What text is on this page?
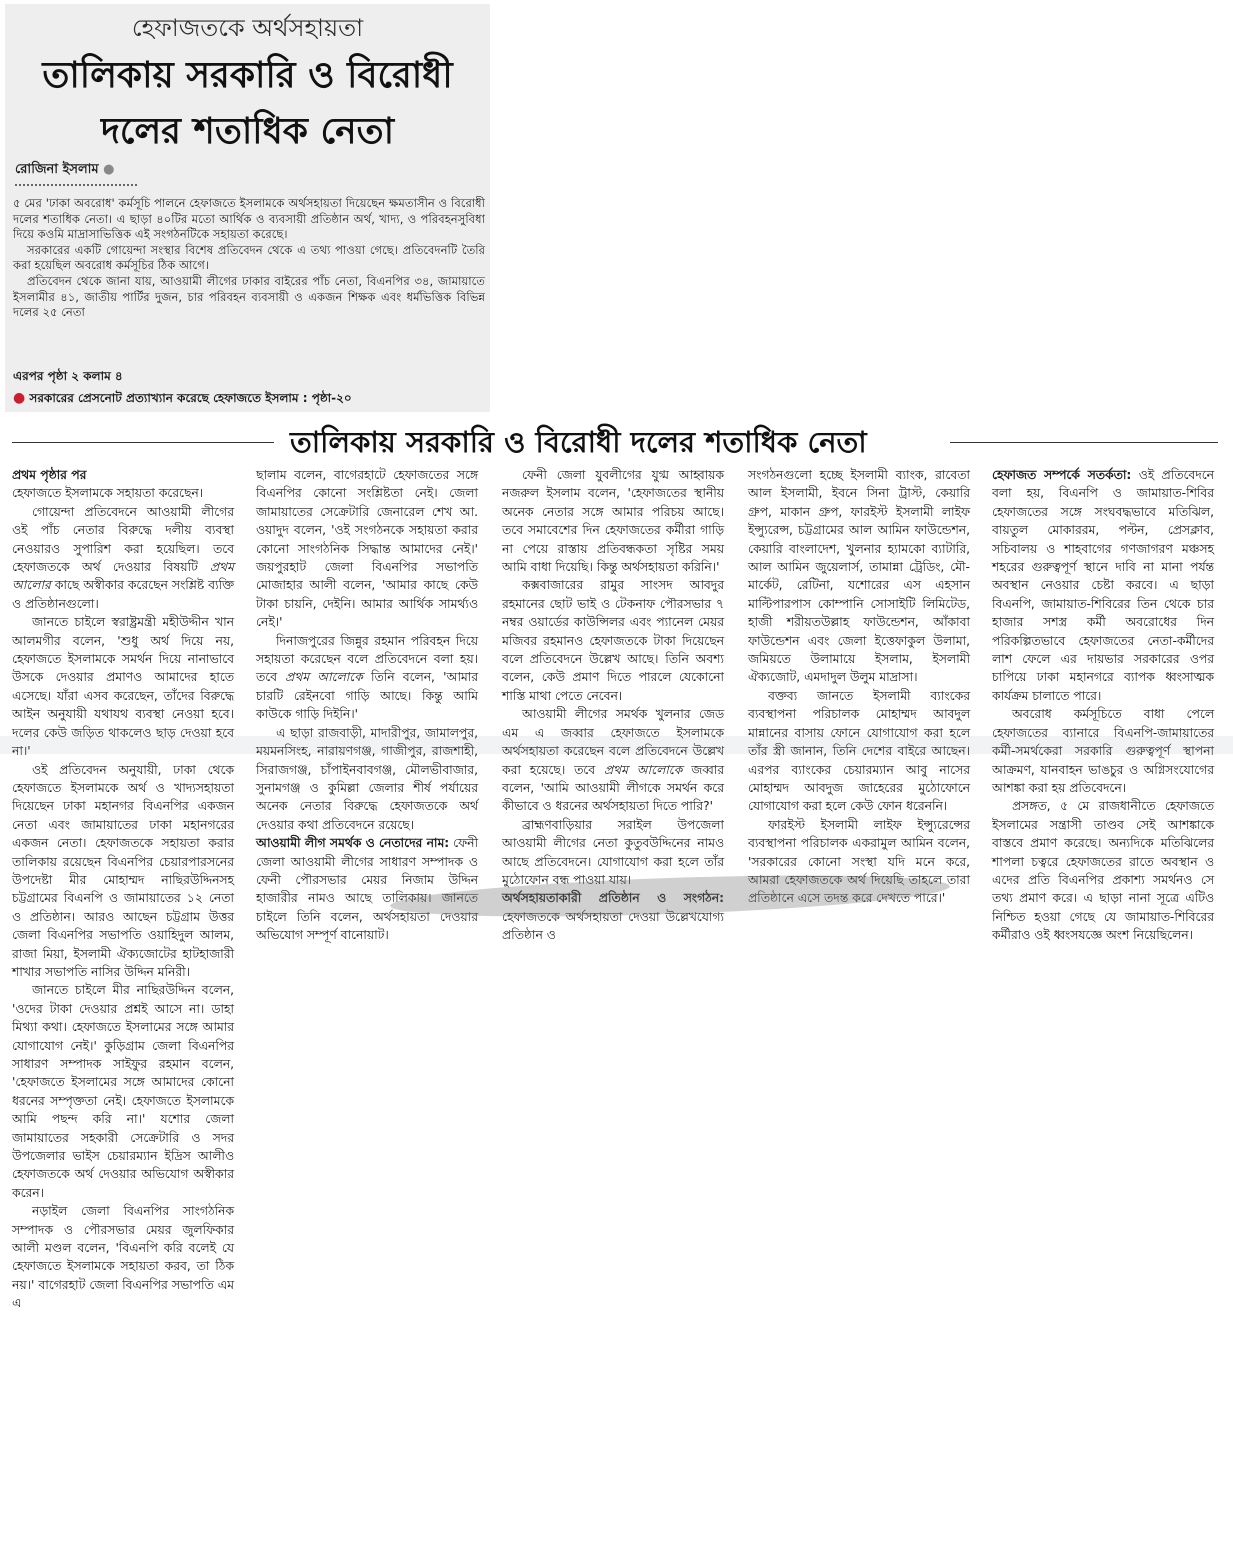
হেফাজতকে অর্থসহায়তা
তালিকায় সরকারি ও বিরোধী
দলের শতাধিক নেতা
রোজিনা ইসলাম ●

৫ মের 'ঢাকা অবরোধ' কর্মসূচি পালনে হেফাজতে ইসলামকে অর্থসহায়তা দিয়েছেন ক্ষমতাসীন ও বিরোধী দলের শতাধিক নেতা। এ ছাড়া ৪০টির মতো আর্থিক ও ব্যবসায়ী প্রতিষ্ঠান অর্থ, খাদ্য, ও পরিবহনসুবিধা দিয়ে কওমি মাদ্রাসাভিত্তিক এই সংগঠনটিকে সহায়তা করেছে।

সরকারের একটি গোয়েন্দা সংস্থার বিশেষ প্রতিবেদন থেকে এ তথ্য পাওয়া গেছে। প্রতিবেদনটি তৈরি করা হয়েছিল অবরোধ কর্মসূচির ঠিক আগে।

প্রতিবেদন থেকে জানা যায়, আওয়ামী লীগের ঢাকার বাইরের পাঁচ নেতা, বিএনপির ৩৪, জামায়াতে ইসলামীর ৪১, জাতীয় পার্টির দুজন, চার পরিবহন ব্যবসায়ী ও একজন শিক্ষক এবং ধর্মভিত্তিক বিভিন্ন দলের ২৫ নেতা

এরপর পৃষ্ঠা ২ কলাম ৪
● সরকারের প্রেসনোট প্রত্যাখ্যান করেছে হেফাজতে ইসলাম : পৃষ্ঠা-২০
তালিকায় সরকারি ও বিরোধী দলের শতাধিক নেতা

প্রথম পৃষ্ঠার পর

হেফাজতে ইসলামকে সহায়তা করেছেন।

গোয়েন্দা প্রতিবেদনে আওয়ামী লীগের ওই পাঁচ নেতার বিরুদ্ধে দলীয় ব্যবস্থা নেওয়ারও সুপারিশ করা হয়েছিল। তবে হেফাজতকে অর্থ দেওয়ার বিষয়টি প্রথম আলোর কাছে অস্বীকার করেছেন সংশ্লিষ্ট ব্যক্তি ও প্রতিষ্ঠানগুলো।

জানতে চাইলে স্বরাষ্ট্রমন্ত্রী মহীউদ্দীন খান আলমগীর বলেন, 'শুধু অর্থ দিয়ে নয়, হেফাজতে ইসলামকে সমর্থন দিয়ে নানাভাবে উসকে দেওয়ার প্রমাণও আমাদের হাতে এসেছে। যাঁরা এসব করেছেন, তাঁদের বিরুদ্ধে আইন অনুযায়ী যথাযথ ব্যবস্থা নেওয়া হবে। দলের কেউ জড়িত থাকলেও ছাড় দেওয়া হবে না।'

ওই প্রতিবেদন অনুযায়ী, ঢাকা থেকে হেফাজতে ইসলামকে অর্থ ও খাদ্যসহায়তা দিয়েছেন ঢাকা মহানগর বিএনপির একজন নেতা এবং জামায়াতের ঢাকা মহানগরের একজন নেতা। হেফাজতকে সহায়তা করার তালিকায় রয়েছেন বিএনপির চেয়ারপারসনের উপদেষ্টা মীর মোহাম্মদ নাছিরউদ্দিনসহ চট্টগ্রামের বিএনপি ও জামায়াতের ১২ নেতা ও প্রতিষ্ঠান। আরও আছেন চট্টগ্রাম উত্তর জেলা বিএনপির সভাপতি ওয়াহিদুল আলম, রাজা মিয়া, ইসলামী ঐক্যজোটের হাটহাজারী শাখার সভাপতি নাসির উদ্দিন মনিরী।

জানতে চাইলে মীর নাছিরউদ্দিন বলেন, 'ওদের টাকা দেওয়ার প্রশ্নই আসে না। ডাহা মিথ্যা কথা। হেফাজতে ইসলামের সঙ্গে আমার যোগাযোগ নেই।' কুড়িগ্রাম জেলা বিএনপির সাধারণ সম্পাদক সাইফুর রহমান বলেন, 'হেফাজতে ইসলামের সঙ্গে আমাদের কোনো ধরনের সম্পৃক্ততা নেই। হেফাজতে ইসলামকে আমি পছন্দ করি না।' যশোর জেলা জামায়াতের সহকারী সেক্রেটারি ও সদর উপজেলার ভাইস চেয়ারম্যান ইদ্রিস আলীও হেফাজতকে অর্থ দেওয়ার অভিযোগ অস্বীকার করেন।

নড়াইল জেলা বিএনপির সাংগঠনিক সম্পাদক ও পৌরসভার মেয়র জুলফিকার আলী মণ্ডল বলেন, 'বিএনপি করি বলেই যে হেফাজতে ইসলামকে সহায়তা করব, তা ঠিক নয়।' বাগেরহাট জেলা বিএনপির সভাপতি এম এ

ছালাম বলেন, বাগেরহাটে হেফাজতের সঙ্গে বিএনপির কোনো সংশ্লিষ্টতা নেই। জেলা জামায়াতের সেক্রেটারি জেনারেল শেখ আ. ওয়াদুদ বলেন, 'ওই সংগঠনকে সহায়তা করার কোনো সাংগঠনিক সিদ্ধান্ত আমাদের নেই।' জয়পুরহাট জেলা বিএনপির সভাপতি মোজাহার আলী বলেন, 'আমার কাছে কেউ টাকা চায়নি, দেইনি। আমার আর্থিক সামর্থ্যও নেই।'

দিনাজপুরের জিন্নুর রহমান পরিবহন দিয়ে সহায়তা করেছেন বলে প্রতিবেদনে বলা হয়। তবে প্রথম আলোকে তিনি বলেন, 'আমার চারটি রেইনবো গাড়ি আছে। কিন্তু আমি কাউকে গাড়ি দিইনি।'

এ ছাড়া রাজবাড়ী, মাদারীপুর, জামালপুর, ময়মনসিংহ, নারায়ণগঞ্জ, গাজীপুর, রাজশাহী, সিরাজগঞ্জ, চাঁপাইনবাবগঞ্জ, মৌলভীবাজার, সুনামগঞ্জ ও কুমিল্লা জেলার শীর্ষ পর্যায়ের অনেক নেতার বিরুদ্ধে হেফাজতকে অর্থ দেওয়ার কথা প্রতিবেদনে রয়েছে।

আওয়ামী লীগ সমর্থক ও নেতাদের নাম: ফেনী জেলা আওয়ামী লীগের সাধারণ সম্পাদক ও ফেনী পৌরসভার মেয়র নিজাম উদ্দিন হাজারীর নামও আছে তালিকায়। জানতে চাইলে তিনি বলেন, অর্থসহায়তা দেওয়ার অভিযোগ সম্পূর্ণ বানোয়াট।

ফেনী জেলা যুবলীগের যুগ্ম আহ্বায়ক নজরুল ইসলাম বলেন, 'হেফাজতের স্থানীয় অনেক নেতার সঙ্গে আমার পরিচয় আছে। তবে সমাবেশের দিন হেফাজতের কর্মীরা গাড়ি না পেয়ে রাস্তায় প্রতিবন্ধকতা সৃষ্টির সময় আমি বাধা দিয়েছি। কিন্তু অর্থসহায়তা করিনি।'

কক্সবাজারের রামুর সাংসদ আবদুর রহমানের ছোট ভাই ও টেকনাফ পৌরসভার ৭ নম্বর ওয়ার্ডের কাউন্সিলর এবং প্যানেল মেয়র মজিবর রহমানও হেফাজতকে টাকা দিয়েছেন বলে প্রতিবেদনে উল্লেখ আছে। তিনি অবশ্য বলেন, কেউ প্রমাণ দিতে পারলে যেকোনো শাস্তি মাথা পেতে নেবেন।

আওয়ামী লীগের সমর্থক খুলনার জেড এম এ জব্বার হেফাজতে ইসলামকে অর্থসহায়তা করেছেন বলে প্রতিবেদনে উল্লেখ করা হয়েছে। তবে প্রথম আলোকে জব্বার বলেন, 'আমি আওয়ামী লীগকে সমর্থন করে কীভাবে ও ধরনের অর্থসহায়তা দিতে পারি?'

ব্রাহ্মণবাড়িয়ার সরাইল উপজেলা আওয়ামী লীগের নেতা কুতুবউদ্দিনের নামও আছে প্রতিবেদনে। যোগাযোগ করা হলে তাঁর মুঠোফোন বন্ধ পাওয়া যায়।

অর্থসহায়তাকারী প্রতিষ্ঠান ও সংগঠন: হেফাজতকে অর্থসহায়তা দেওয়া উল্লেখযোগ্য প্রতিষ্ঠান ও

সংগঠনগুলো হচ্ছে ইসলামী ব্যাংক, রাবেতা আল ইসলামী, ইবনে সিনা ট্রাস্ট, কেয়ারি গ্রুপ, মাকান গ্রুপ, ফারইস্ট ইসলামী লাইফ ইন্স্যুরেন্স, চট্টগ্রামের আল আমিন ফাউন্ডেশন, কেয়ারি বাংলাদেশ, খুলনার হ্যামকো ব্যাটারি, আল আমিন জুয়েলার্স, তামান্না ট্রেডিং, মৌ-মার্কেট, রেটিনা, যশোরের এস এহসান মাল্টিপারপাস কোম্পানি সোসাইটি লিমিটেড, হাজী শরীয়তউল্লাহ ফাউন্ডেশন, আঁকাবা ফাউন্ডেশন এবং জেলা ইত্তেফাকুল উলামা, জমিয়তে উলামায়ে ইসলাম, ইসলামী ঐক্যজোট, এমদাদুল উলুম মাদ্রাসা।

বক্তব্য জানতে ইসলামী ব্যাংকের ব্যবস্থাপনা পরিচালক মোহাম্মদ আবদুল মান্নানের বাসায় ফোনে যোগাযোগ করা হলে তাঁর স্ত্রী জানান, তিনি দেশের বাইরে আছেন। এরপর ব্যাংকের চেয়ারম্যান আবু নাসের মোহাম্মদ আবদুজ জাহেরের মুঠোফোনে যোগাযোগ করা হলে কেউ ফোন ধরেননি।

ফারইস্ট ইসলামী লাইফ ইন্স্যুরেন্সের ব্যবস্থাপনা পরিচালক একরামুল আমিন বলেন, 'সরকারের কোনো সংস্থা যদি মনে করে, আমরা হেফাজতকে অর্থ দিয়েছি তাহলে তারা প্রতিষ্ঠানে এসে তদন্ত করে দেখতে পারে।'

হেফাজত সম্পর্কে সতর্কতা: ওই প্রতিবেদনে বলা হয়, বিএনপি ও জামায়াত-শিবির হেফাজতের সঙ্গে সংঘবদ্ধভাবে মতিঝিল, বায়তুল মোকাররম, পল্টন, প্রেসক্লাব, সচিবালয় ও শাহবাগের গণজাগরণ মঞ্চসহ শহরের গুরুত্বপূর্ণ স্থানে দাবি না মানা পর্যন্ত অবস্থান নেওয়ার চেষ্টা করবে। এ ছাড়া বিএনপি, জামায়াত-শিবিরের তিন থেকে চার হাজার সশস্ত্র কর্মী অবরোধের দিন পরিকল্পিতভাবে হেফাজতের নেতা-কর্মীদের লাশ ফেলে এর দায়ভার সরকারের ওপর চাপিয়ে ঢাকা মহানগরে ব্যাপক ধ্বংসাত্মক কার্যক্রম চালাতে পারে।

অবরোধ কর্মসূচিতে বাধা পেলে হেফাজতের ব্যানারে বিএনপি-জামায়াতের কর্মী-সমর্থকেরা সরকারি গুরুত্বপূর্ণ স্থাপনা আক্রমণ, যানবাহন ভাঙচুর ও অগ্নিসংযোগের আশঙ্কা করা হয় প্রতিবেদনে।

প্রসঙ্গত, ৫ মে রাজধানীতে হেফাজতে ইসলামের সন্ত্রাসী তাণ্ডব সেই আশঙ্কাকে বাস্তবে প্রমাণ করেছে। অন্যদিকে মতিঝিলের শাপলা চত্বরে হেফাজতের রাতে অবস্থান ও এদের প্রতি বিএনপির প্রকাশ্য সমর্থনও সে তথ্য প্রমাণ করে। এ ছাড়া নানা সূত্রে এটিও নিশ্চিত হওয়া গেছে যে জামায়াত-শিবিরের কর্মীরাও ওই ধ্বংসযজ্ঞে অংশ নিয়েছিলেন।
